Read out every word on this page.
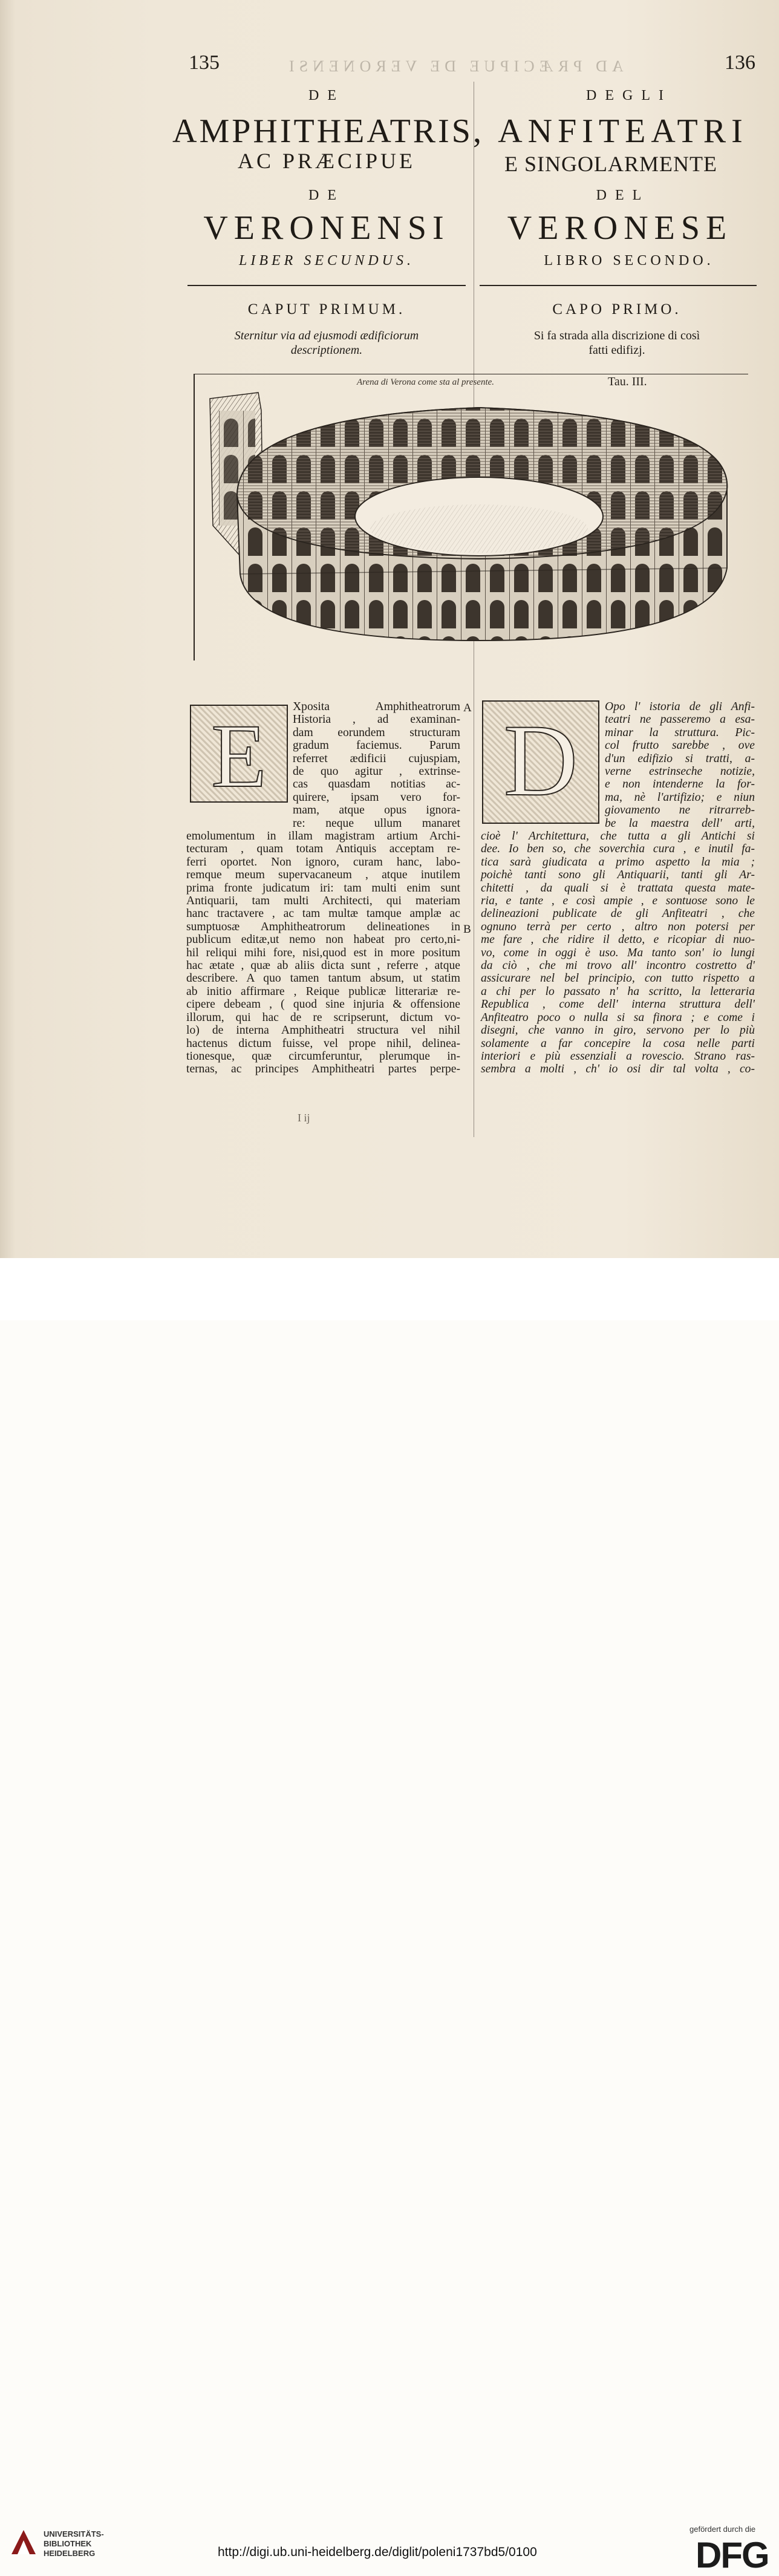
AD PRÆCIPUE DE VERONENSI
135	136
DE
AMPHITHEATRIS,
AC PRÆCIPUE
DE
VERONENSI
LIBER SECUNDUS.
DEGLI
ANFITEATRI
E SINGOLARMENTE
DEL
VERONESE
LIBRO SECONDO.
CAPUT PRIMUM.	CAPO PRIMO.
Sternitur via ad ejusmodi ædificiorum
descriptionem.
Si fa strada alla discrizione di così
fatti edifizj.
Arena di Verona come sta al presente.	Tau. III.
E	Xposita Amphitheatrorum
Historia , ad examinan-
dam eorundem structuram
gradum faciemus. Parum
referret ædificii cujuspiam,
de quo agitur , extrinse-
cas quasdam notitias ac-
quirere, ipsam vero for-
mam, atque opus ignora-
re: neque ullum manaret
emolumentum in illam magistram artium Archi-
tecturam , quam totam Antiquis acceptam re-
ferri oportet. Non ignoro, curam hanc, labo-
remque meum supervacaneum , atque inutilem
prima fronte judicatum iri: tam multi enim sunt
Antiquarii, tam multi Architecti, qui materiam
hanc tractavere , ac tam multæ tamque amplæ ac
sumptuosæ Amphitheatrorum delineationes in
publicum editæ,ut nemo non habeat pro certo,ni-
hil reliqui mihi fore, nisi,quod est in more positum
hac ætate , quæ ab aliis dicta sunt , referre , atque
describere. A quo tamen tantum absum, ut statim
ab initio affirmare , Reique publicæ litterariæ re-
cipere debeam , ( quod sine injuria & offensione
illorum, qui hac de re scripserunt, dictum vo-
lo) de interna Amphitheatri structura vel nihil
hactenus dictum fuisse, vel prope nihil, delinea-
tionesque, quæ circumferuntur, plerumque in-
ternas, ac principes Amphitheatri partes perpe-
D	Opo l' istoria de gli Anfi-
teatri ne passeremo a esa-
minar la struttura. Pic-
col frutto sarebbe , ove
d'un edifizio si tratti, a-
verne estrinseche notizie,
e non intenderne la for-
ma, nè l'artifizio; e niun
giovamento ne ritrarreb-
be la maestra dell' arti,
cioè l' Architettura, che tutta a gli Antichi si
dee. Io ben so, che soverchia cura , e inutil fa-
tica sarà giudicata a primo aspetto la mia ;
poichè tanti sono gli Antiquarii, tanti gli Ar-
chitetti , da quali si è trattata questa mate-
ria, e tante , e così ampie , e sontuose sono le
delineazioni publicate de gli Anfiteatri , che
ognuno terrà per certo , altro non potersi per
me fare , che ridire il detto, e ricopiar di nuo-
vo, come in oggi è uso. Ma tanto son' io lungi
da ciò , che mi trovo all' incontro costretto d'
assicurare nel bel principio, con tutto rispetto a
a chi per lo passato n' ha scritto, la letteraria
Republica , come dell' interna struttura dell'
Anfiteatro poco o nulla si sa finora ; e come i
disegni, che vanno in giro, servono per lo più
solamente a far concepire la cosa nelle parti
interiori e più essenziali a rovescio. Strano ras-
sembra a molti , ch' io osi dir tal volta , co-
A
B
I ij
UNIVERSITÄTS-
BIBLIOTHEK
HEIDELBERG	http://digi.ub.uni-heidelberg.de/diglit/poleni1737bd5/0100
gefördert durch die
DFG
